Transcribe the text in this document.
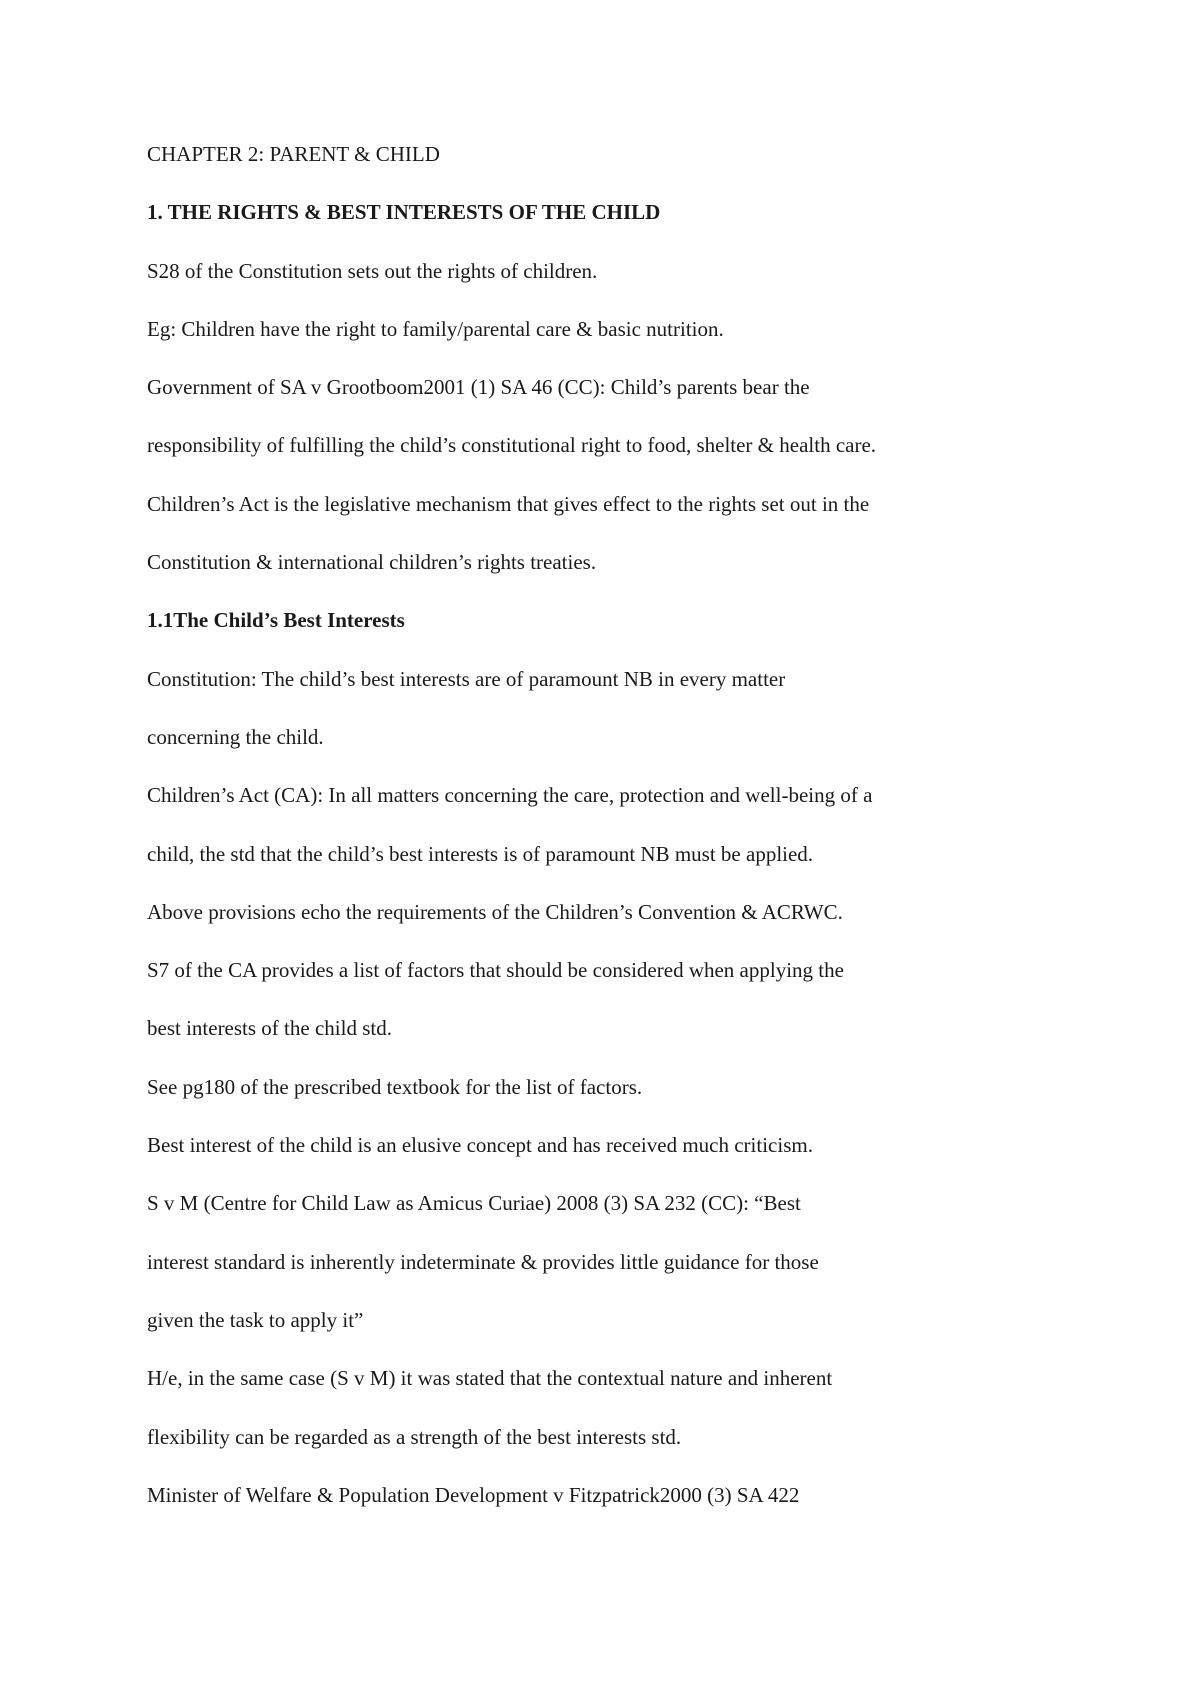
CHAPTER 2: PARENT & CHILD
1. THE RIGHTS & BEST INTERESTS OF THE CHILD
S28 of the Constitution sets out the rights of children.
Eg: Children have the right to family/parental care & basic nutrition.
Government of SA v Grootboom2001 (1) SA 46 (CC): Child’s parents bear the
responsibility of fulfilling the child’s constitutional right to food, shelter & health care.
Children’s Act is the legislative mechanism that gives effect to the rights set out in the
Constitution & international children’s rights treaties.
1.1The Child’s Best Interests
Constitution: The child’s best interests are of paramount NB in every matter
concerning the child.
Children’s Act (CA): In all matters concerning the care, protection and well-being of a
child, the std that the child’s best interests is of paramount NB must be applied.
Above provisions echo the requirements of the Children’s Convention & ACRWC.
S7 of the CA provides a list of factors that should be considered when applying the
best interests of the child std.
See pg180 of the prescribed textbook for the list of factors.
Best interest of the child is an elusive concept and has received much criticism.
S v M (Centre for Child Law as Amicus Curiae) 2008 (3) SA 232 (CC): “Best
interest standard is inherently indeterminate & provides little guidance for those
given the task to apply it”
H/e, in the same case (S v M) it was stated that the contextual nature and inherent
flexibility can be regarded as a strength of the best interests std.
Minister of Welfare & Population Development v Fitzpatrick2000 (3) SA 422
